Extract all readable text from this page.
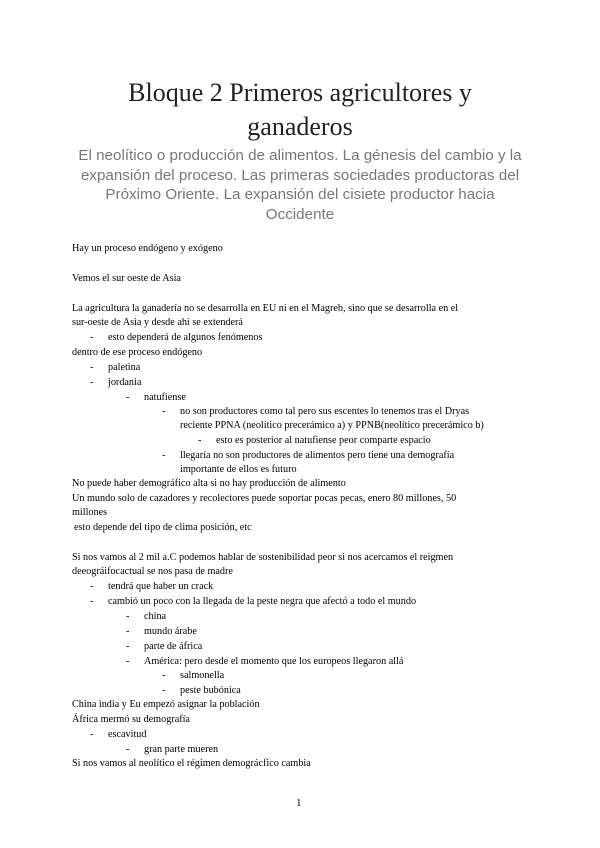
Bloque 2 Primeros agricultores y ganaderos
El neolítico o producción de alimentos. La génesis del cambio y la expansión del proceso. Las primeras sociedades productoras del Próximo Oriente. La expansión del cisiete productor hacia Occidente
Hay un proceso endógeno y exógeno
Vemos el sur oeste de Asia
La agricultura la ganadería no se desarrolla en EU ni en el Magreb, sino que se desarrolla en el
sur-oeste de Asia y desde ahí se extenderá
- esto dependerá de algunos fenómenos
dentro de ese proceso endógeno
- paletina
- jordania
- natufiense
- no son productores como tal pero sus escentes lo tenemos tras el Dryas
reciente PPNA (neolítico precerámico a) y PPNB(neolítico precerámico b)
- esto es posterior al natufiense peor comparte espacio
- llegaría no son productores de alimentos pero tiene una demografía
importante de ellos es futuro
No puede haber demográfico alta si no hay producción de alimento
Un mundo solo de cazadores y recolectores puede soportar pocas pecas, enero 80 millones, 50
millones
esto depende del tipo de clima posición, etc
Si nos vamos al 2 mil a.C podemos hablar de sostenibilidad peor si nos acercamos el reigmen
deeográifocactual se nos pasa de madre
- tendrá que haber un crack
- cambió un poco con la llegada de la peste negra que afectó a todo el mundo
- china
- mundo árabe
- parte de áfrica
- América: pero desde el momento que los europeos llegaron allá
- salmonella
- peste bubónica
China india y Eu empezó asignar la población
África mermó su demografía
- escavitud
- gran parte mueren
Si nos vamos al neolítico el régimen demográcfico cambia
1
